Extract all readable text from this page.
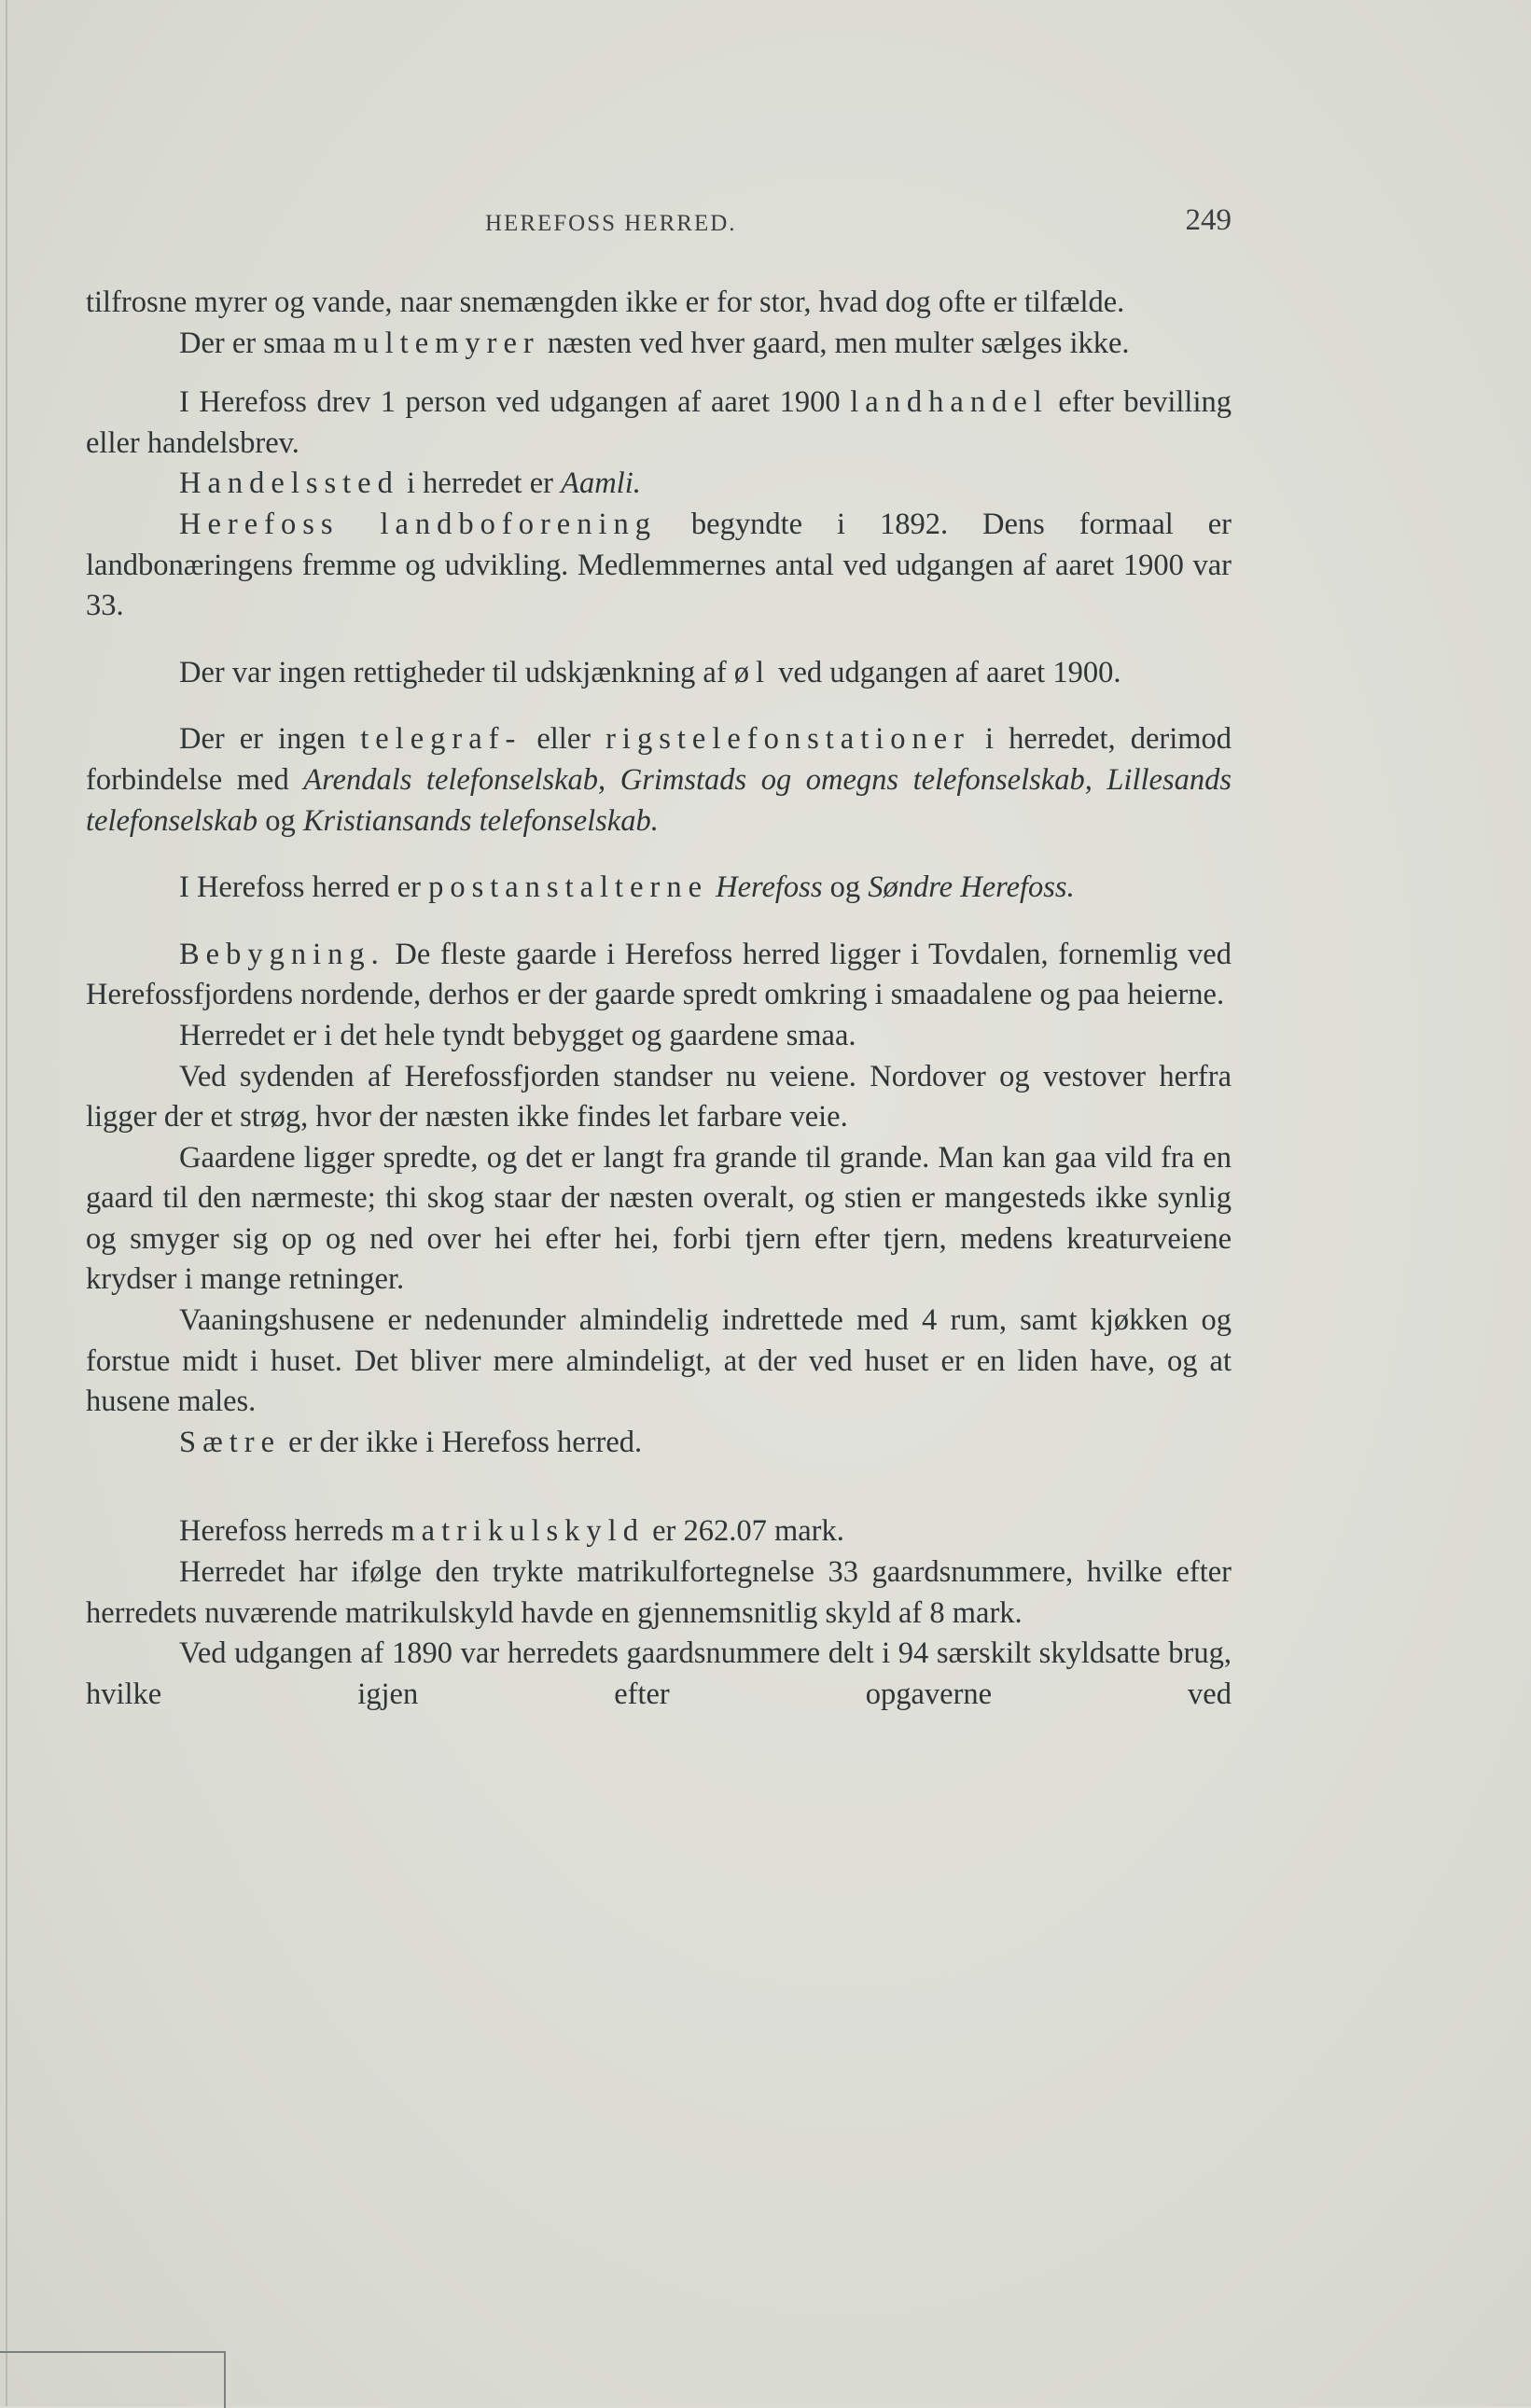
HEREFOSS HERRED.	249

tilfrosne myrer og vande, naar snemængden ikke er for stor, hvad dog ofte er tilfælde.

Der er smaa multemyrer næsten ved hver gaard, men multer sælges ikke.

I Herefoss drev 1 person ved udgangen af aaret 1900 landhandel efter bevilling eller handelsbrev.

Handelssted i herredet er Aamli.

Herefoss landboforening begyndte i 1892. Dens formaal er landbonæringens fremme og udvikling. Medlemmernes antal ved udgangen af aaret 1900 var 33.

Der var ingen rettigheder til udskjænkning af øl ved udgangen af aaret 1900.

Der er ingen telegraf- eller rigstelefonstationer i herredet, derimod forbindelse med Arendals telefonselskab, Grimstads og omegns telefonselskab, Lillesands telefonselskab og Kristiansands telefonselskab.

I Herefoss herred er postanstalterne Herefoss og Søndre Herefoss.

Bebygning. De fleste gaarde i Herefoss herred ligger i Tovdalen, fornemlig ved Herefossfjordens nordende, derhos er der gaarde spredt omkring i smaadalene og paa heierne.

Herredet er i det hele tyndt bebygget og gaardene smaa.

Ved sydenden af Herefossfjorden standser nu veiene. Nordover og vestover herfra ligger der et strøg, hvor der næsten ikke findes let farbare veie.

Gaardene ligger spredte, og det er langt fra grande til grande. Man kan gaa vild fra en gaard til den nærmeste; thi skog staar der næsten overalt, og stien er mangesteds ikke synlig og smyger sig op og ned over hei efter hei, forbi tjern efter tjern, medens kreaturveiene krydser i mange retninger.

Vaaningshusene er nedenunder almindelig indrettede med 4 rum, samt kjøkken og forstue midt i huset. Det bliver mere almindeligt, at der ved huset er en liden have, og at husene males.

Sætre er der ikke i Herefoss herred.

Herefoss herreds matrikulskyld er 262.07 mark.

Herredet har ifølge den trykte matrikulfortegnelse 33 gaardsnummere, hvilke efter herredets nuværende matrikulskyld havde en gjennemsnitlig skyld af 8 mark.

Ved udgangen af 1890 var herredets gaardsnummere delt i 94 særskilt skyldsatte brug, hvilke igjen efter opgaverne ved
